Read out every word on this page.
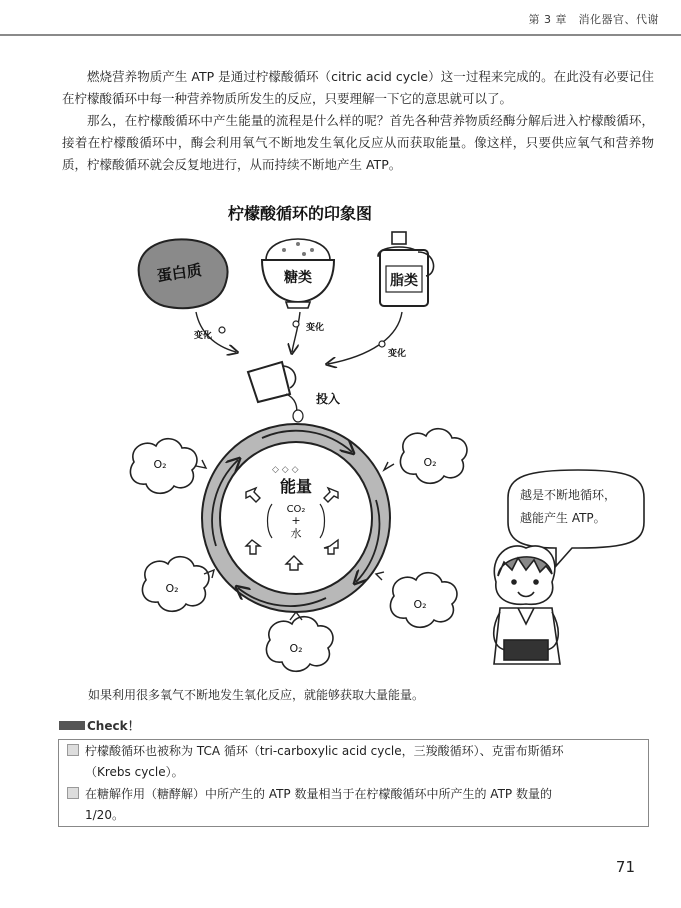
第 3 章　消化器官、代谢

燃烧营养物质产生 ATP 是通过柠檬酸循环（citric acid cycle）这一过程来完成的。在此没有必要记住在柠檬酸循环中每一种营养物质所发生的反应，只要理解一下它的意思就可以了。

那么，在柠檬酸循环中产生能量的流程是什么样的呢？首先各种营养物质经酶分解后进入柠檬酸循环，接着在柠檬酸循环中，酶会利用氧气不断地发生氧化反应从而获取能量。像这样，只要供应氧气和营养物质，柠檬酸循环就会反复地进行，从而持续不断地产生 ATP。

柠檬酸循环的印象图
蛋白质	糖类	脂类
变化
变化
变化
投入
◇ ◇ ◇
能量
CO₂
+
水
O₂	O₂
O₂
O₂
O₂
越是不断地循环，
越能产生 ATP。
如果利用很多氧气不断地发生氧化反应，就能够获取大量能量。
Check！
柠檬酸循环也被称为 TCA 循环（tri-carboxylic acid cycle，三羧酸循环）、克雷布斯循环
（Krebs cycle）。
在糖解作用（糖酵解）中所产生的 ATP 数量相当于在柠檬酸循环中所产生的 ATP 数量的
1/20。
71
